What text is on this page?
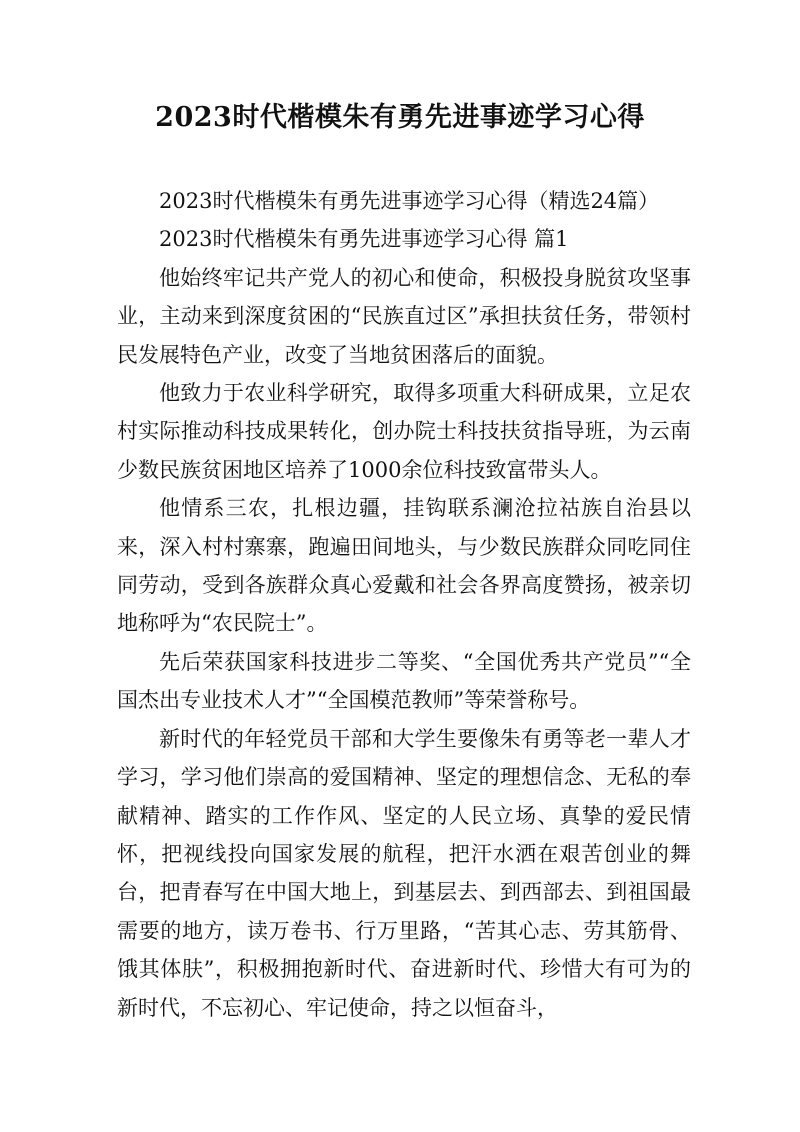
2023时代楷模朱有勇先进事迹学习心得

2023时代楷模朱有勇先进事迹学习心得（精选24篇）

2023时代楷模朱有勇先进事迹学习心得 篇1

他始终牢记共产党人的初心和使命，积极投身脱贫攻坚事业，主动来到深度贫困的“民族直过区”承担扶贫任务，带领村民发展特色产业，改变了当地贫困落后的面貌。

他致力于农业科学研究，取得多项重大科研成果，立足农村实际推动科技成果转化，创办院士科技扶贫指导班，为云南少数民族贫困地区培养了1000余位科技致富带头人。

他情系三农，扎根边疆，挂钩联系澜沧拉祜族自治县以来，深入村村寨寨，跑遍田间地头，与少数民族群众同吃同住同劳动，受到各族群众真心爱戴和社会各界高度赞扬，被亲切地称呼为“农民院士”。

先后荣获国家科技进步二等奖、“全国优秀共产党员”“全国杰出专业技术人才”“全国模范教师”等荣誉称号。

新时代的年轻党员干部和大学生要像朱有勇等老一辈人才学习，学习他们崇高的爱国精神、坚定的理想信念、无私的奉献精神、踏实的工作作风、坚定的人民立场、真挚的爱民情怀，把视线投向国家发展的航程，把汗水洒在艰苦创业的舞台，把青春写在中国大地上，到基层去、到西部去、到祖国最需要的地方，读万卷书、行万里路，“苦其心志、劳其筋骨、饿其体肤”，积极拥抱新时代、奋进新时代、珍惜大有可为的新时代，不忘初心、牢记使命，持之以恒奋斗，
